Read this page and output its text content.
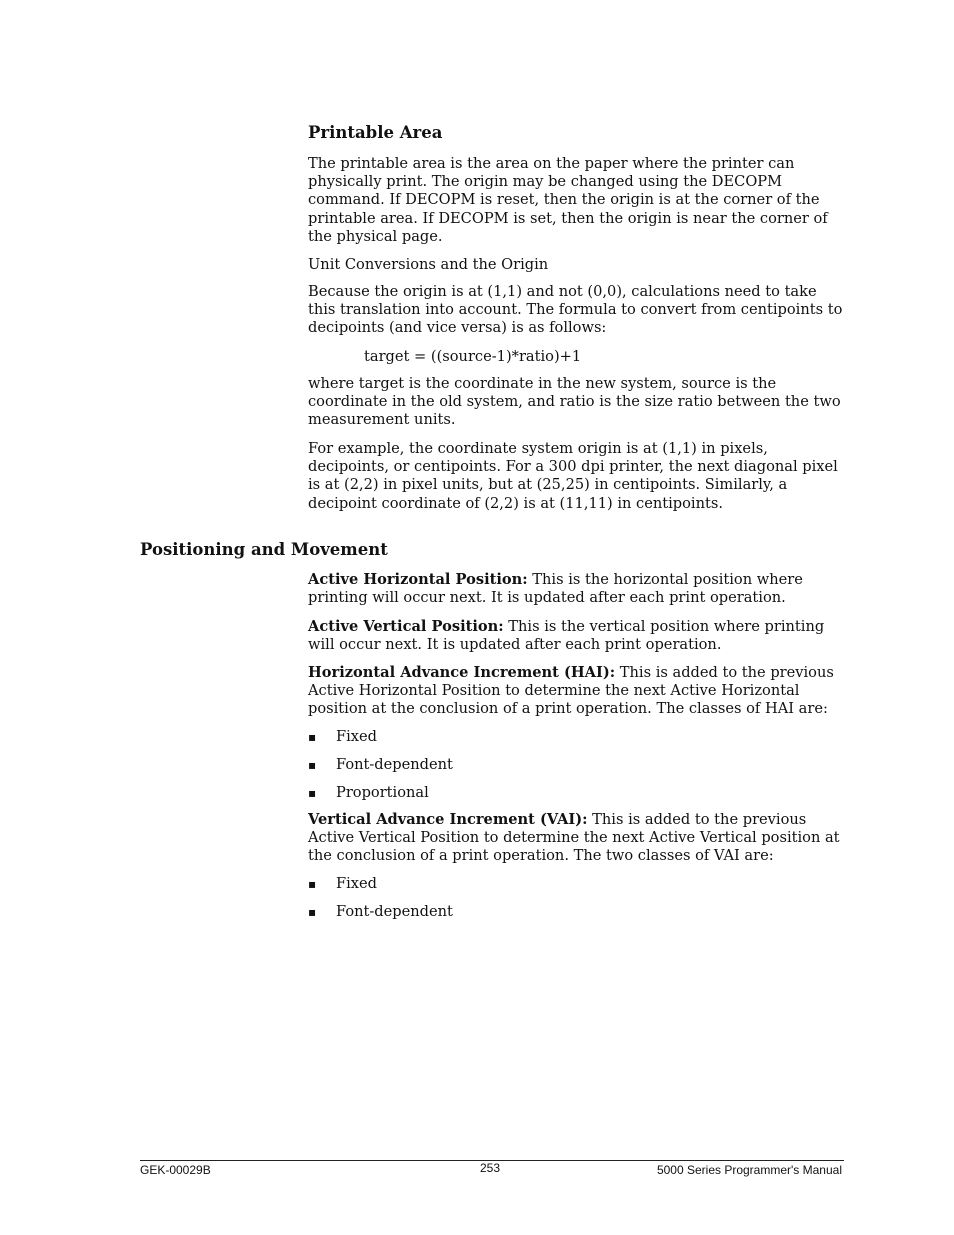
Printable Area

The printable area is the area on the paper where the printer can physically print. The origin may be changed using the DECOPM command. If DECOPM is reset, then the origin is at the corner of the printable area. If DECOPM is set, then the origin is near the corner of the physical page.

Unit Conversions and the Origin

Because the origin is at (1,1) and not (0,0), calculations need to take this translation into account. The formula to convert from centipoints to decipoints (and vice versa) is as follows:

target = ((source-1)*ratio)+1

where target is the coordinate in the new system, source is the coordinate in the old system, and ratio is the size ratio between the two measurement units.

For example, the coordinate system origin is at (1,1) in pixels, decipoints, or centipoints. For a 300 dpi printer, the next diagonal pixel is at (2,2) in pixel units, but at (25,25) in centipoints. Similarly, a decipoint coordinate of (2,2) is at (11,11) in centipoints.

Positioning and Movement

Active Horizontal Position: This is the horizontal position where printing will occur next. It is updated after each print operation.

Active Vertical Position: This is the vertical position where printing will occur next. It is updated after each print operation.

Horizontal Advance Increment (HAI): This is added to the previous Active Horizontal Position to determine the next Active Horizontal position at the conclusion of a print operation. The classes of HAI are:

▪ Fixed
▪ Font-dependent
▪ Proportional

Vertical Advance Increment (VAI): This is added to the previous Active Vertical Position to determine the next Active Vertical position at the conclusion of a print operation. The two classes of VAI are:

▪ Fixed
▪ Font-dependent
GEK-00029B	253	5000 Series Programmer's Manual
